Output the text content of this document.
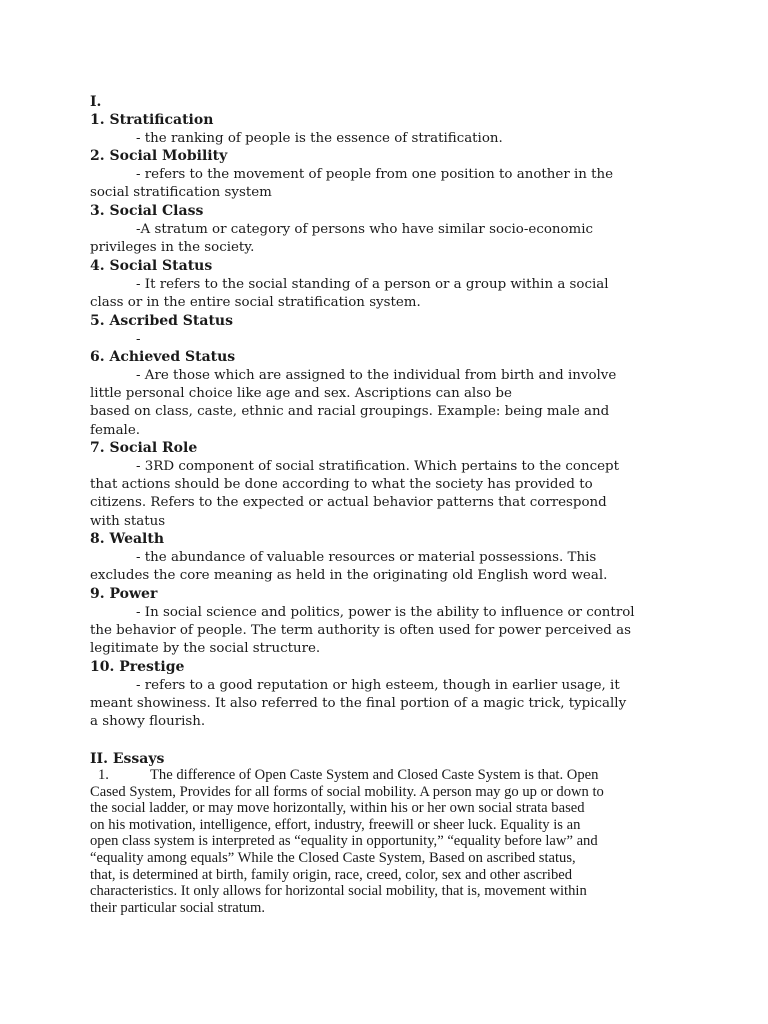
I.
1. Stratification
- the ranking of people is the essence of stratification.
2. Social Mobility
- refers to the movement of people from one position to another in the
social stratification system
3. Social Class
-A stratum or category of persons who have similar socio-economic
privileges in the society.
4. Social Status
- It refers to the social standing of a person or a group within a social
class or in the entire social stratification system.
5. Ascribed Status
-
6. Achieved Status
- Are those which are assigned to the individual from birth and involve
little personal choice like age and sex. Ascriptions can also be
based on class, caste, ethnic and racial groupings. Example: being male and
female.
7. Social Role
- 3RD component of social stratification. Which pertains to the concept
that actions should be done according to what the society has provided to
citizens. Refers to the expected or actual behavior patterns that correspond
with status
8. Wealth
- the abundance of valuable resources or material possessions. This
excludes the core meaning as held in the originating old English word weal.
9. Power
- In social science and politics, power is the ability to influence or control
the behavior of people. The term authority is often used for power perceived as
legitimate by the social structure.
10. Prestige
- refers to a good reputation or high esteem, though in earlier usage, it
meant showiness. It also referred to the final portion of a magic trick, typically
a showy flourish.
II. Essays
1.	The difference of Open Caste System and Closed Caste System is that. Open
Cased System, Provides for all forms of social mobility. A person may go up or down to
the social ladder, or may move horizontally, within his or her own social strata based
on his motivation, intelligence, effort, industry, freewill or sheer luck. Equality is an
open class system is interpreted as “equality in opportunity,” “equality before law” and
“equality among equals” While the Closed Caste System, Based on ascribed status,
that, is determined at birth, family origin, race, creed, color, sex and other ascribed
characteristics. It only allows for horizontal social mobility, that is, movement within
their particular social stratum.
